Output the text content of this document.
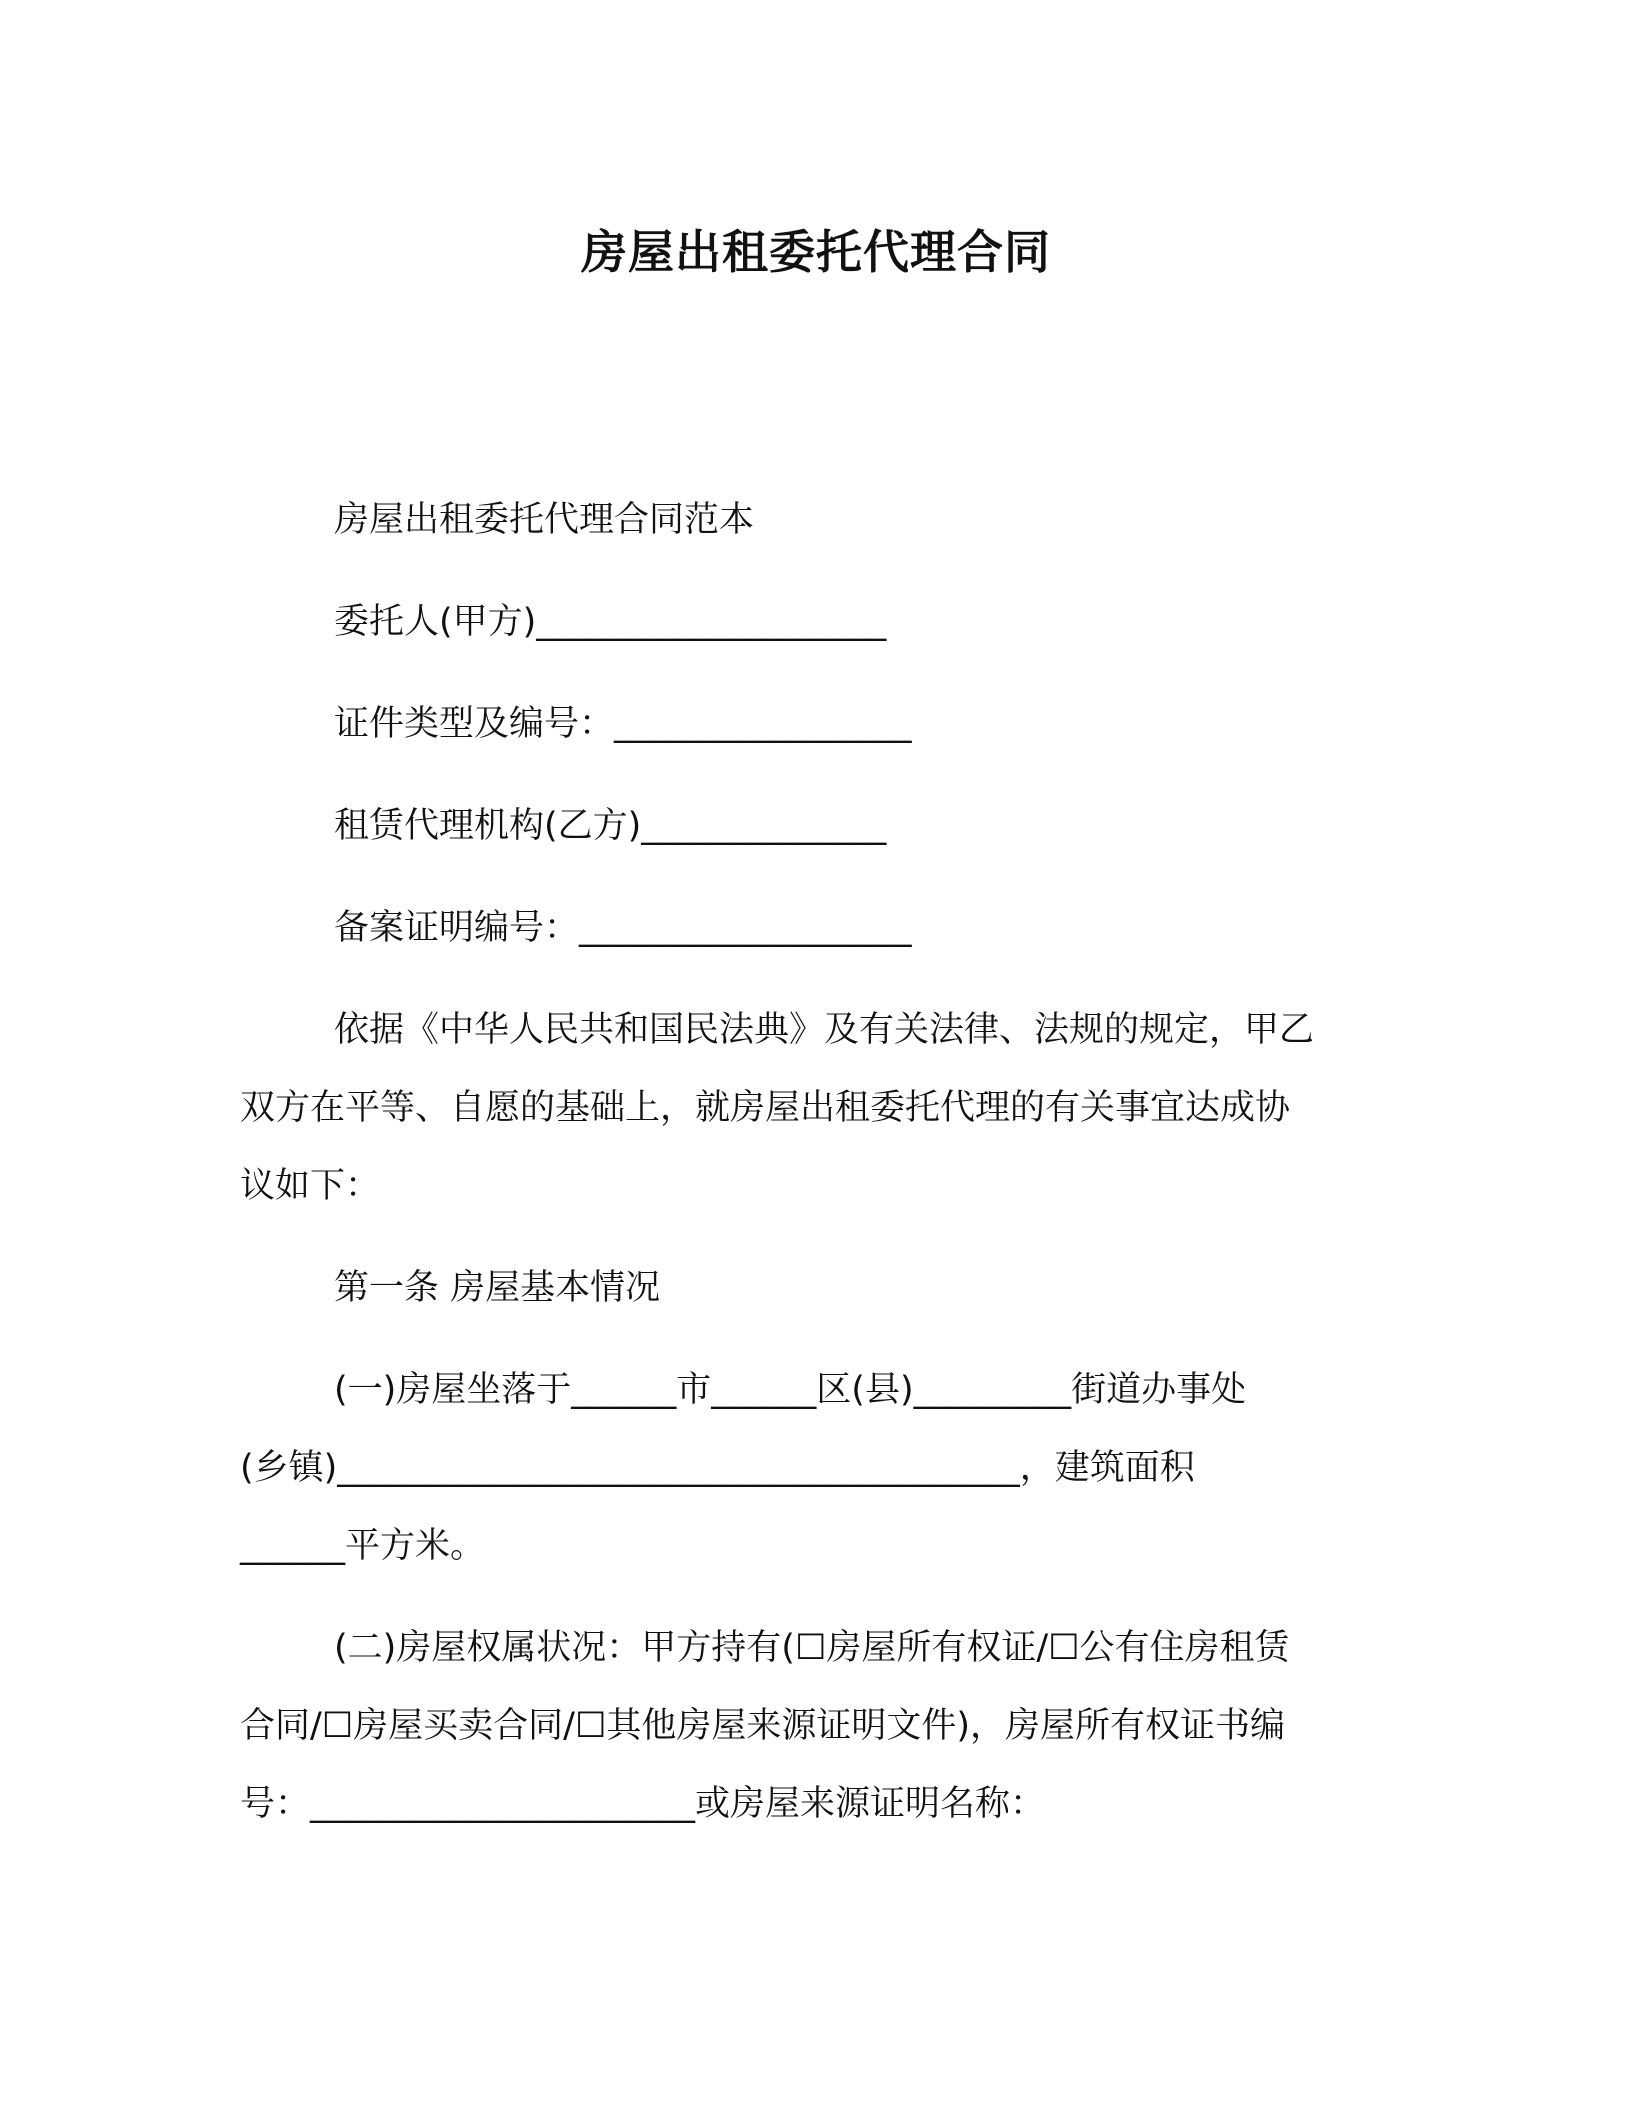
房屋出租委托代理合同

房屋出租委托代理合同范本

委托人(甲方)____________________

证件类型及编号：_________________

租赁代理机构(乙方)______________

备案证明编号：___________________

依据《中华人民共和国民法典》及有关法律、法规的规定，甲乙

双方在平等、自愿的基础上，就房屋出租委托代理的有关事宜达成协

议如下：

第一条 房屋基本情况

(一)房屋坐落于______市______区(县)_________街道办事处

(乡镇)_______________________________________，建筑面积

______平方米。

(二)房屋权属状况：甲方持有(☐房屋所有权证/☐公有住房租赁

合同/☐房屋买卖合同/☐其他房屋来源证明文件)，房屋所有权证书编

号：______________________或房屋来源证明名称：
